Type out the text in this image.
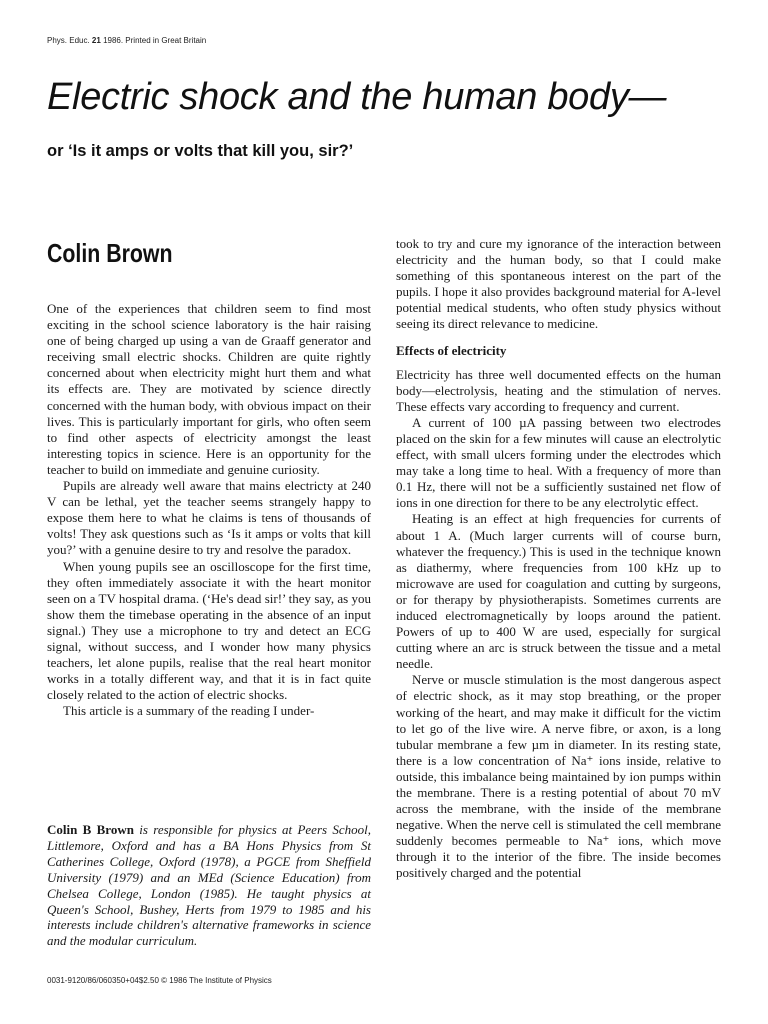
Phys. Educ. 21 1986. Printed in Great Britain
Electric shock and the human body—
or ‘Is it amps or volts that kill you, sir?’
Colin Brown

One of the experiences that children seem to find most exciting in the school science laboratory is the hair raising one of being charged up using a van de Graaff generator and receiving small electric shocks. Children are quite rightly concerned about when electricity might hurt them and what its effects are. They are motivated by science directly concerned with the human body, with obvious impact on their lives. This is particularly important for girls, who often seem to find other aspects of electricity amongst the least interesting topics in science. Here is an opportunity for the teacher to build on immediate and genuine curiosity.

Pupils are already well aware that mains electricty at 240 V can be lethal, yet the teacher seems strangely happy to expose them here to what he claims is tens of thousands of volts! They ask questions such as ‘Is it amps or volts that kill you?’ with a genuine desire to try and resolve the paradox.

When young pupils see an oscilloscope for the first time, they often immediately associate it with the heart monitor seen on a TV hospital drama. (‘He's dead sir!’ they say, as you show them the timebase operating in the absence of an input signal.) They use a microphone to try and detect an ECG signal, without success, and I wonder how many physics teachers, let alone pupils, realise that the real heart monitor works in a totally different way, and that it is in fact quite closely related to the action of electric shocks.

This article is a summary of the reading I under-

Colin B Brown is responsible for physics at Peers School, Littlemore, Oxford and has a BA Hons Physics from St Catherines College, Oxford (1978), a PGCE from Sheffield University (1979) and an MEd (Science Education) from Chelsea College, London (1985). He taught physics at Queen's School, Bushey, Herts from 1979 to 1985 and his interests include children's alternative frameworks in science and the modular curriculum.

took to try and cure my ignorance of the interaction between electricity and the human body, so that I could make something of this spontaneous interest on the part of the pupils. I hope it also provides background material for A-level potential medical students, who often study physics without seeing its direct relevance to medicine.

Effects of electricity

Electricity has three well documented effects on the human body—electrolysis, heating and the stimulation of nerves. These effects vary according to frequency and current.

A current of 100 µA passing between two electrodes placed on the skin for a few minutes will cause an electrolytic effect, with small ulcers forming under the electrodes which may take a long time to heal. With a frequency of more than 0.1 Hz, there will not be a sufficiently sustained net flow of ions in one direction for there to be any electrolytic effect.

Heating is an effect at high frequencies for currents of about 1 A. (Much larger currents will of course burn, whatever the frequency.) This is used in the technique known as diathermy, where frequencies from 100 kHz up to microwave are used for coagulation and cutting by surgeons, or for therapy by physiotherapists. Sometimes currents are induced electromagnetically by loops around the patient. Powers of up to 400 W are used, especially for surgical cutting where an arc is struck between the tissue and a metal needle.

Nerve or muscle stimulation is the most dangerous aspect of electric shock, as it may stop breathing, or the proper working of the heart, and may make it difficult for the victim to let go of the live wire. A nerve fibre, or axon, is a long tubular membrane a few µm in diameter. In its resting state, there is a low concentration of Na⁺ ions inside, relative to outside, this imbalance being maintained by ion pumps within the membrane. There is a resting potential of about 70 mV across the membrane, with the inside of the membrane negative. When the nerve cell is stimulated the cell membrane suddenly becomes permeable to Na⁺ ions, which move through it to the interior of the fibre. The inside becomes positively charged and the potential

0031-9120/86/060350+04$2.50 © 1986 The Institute of Physics
